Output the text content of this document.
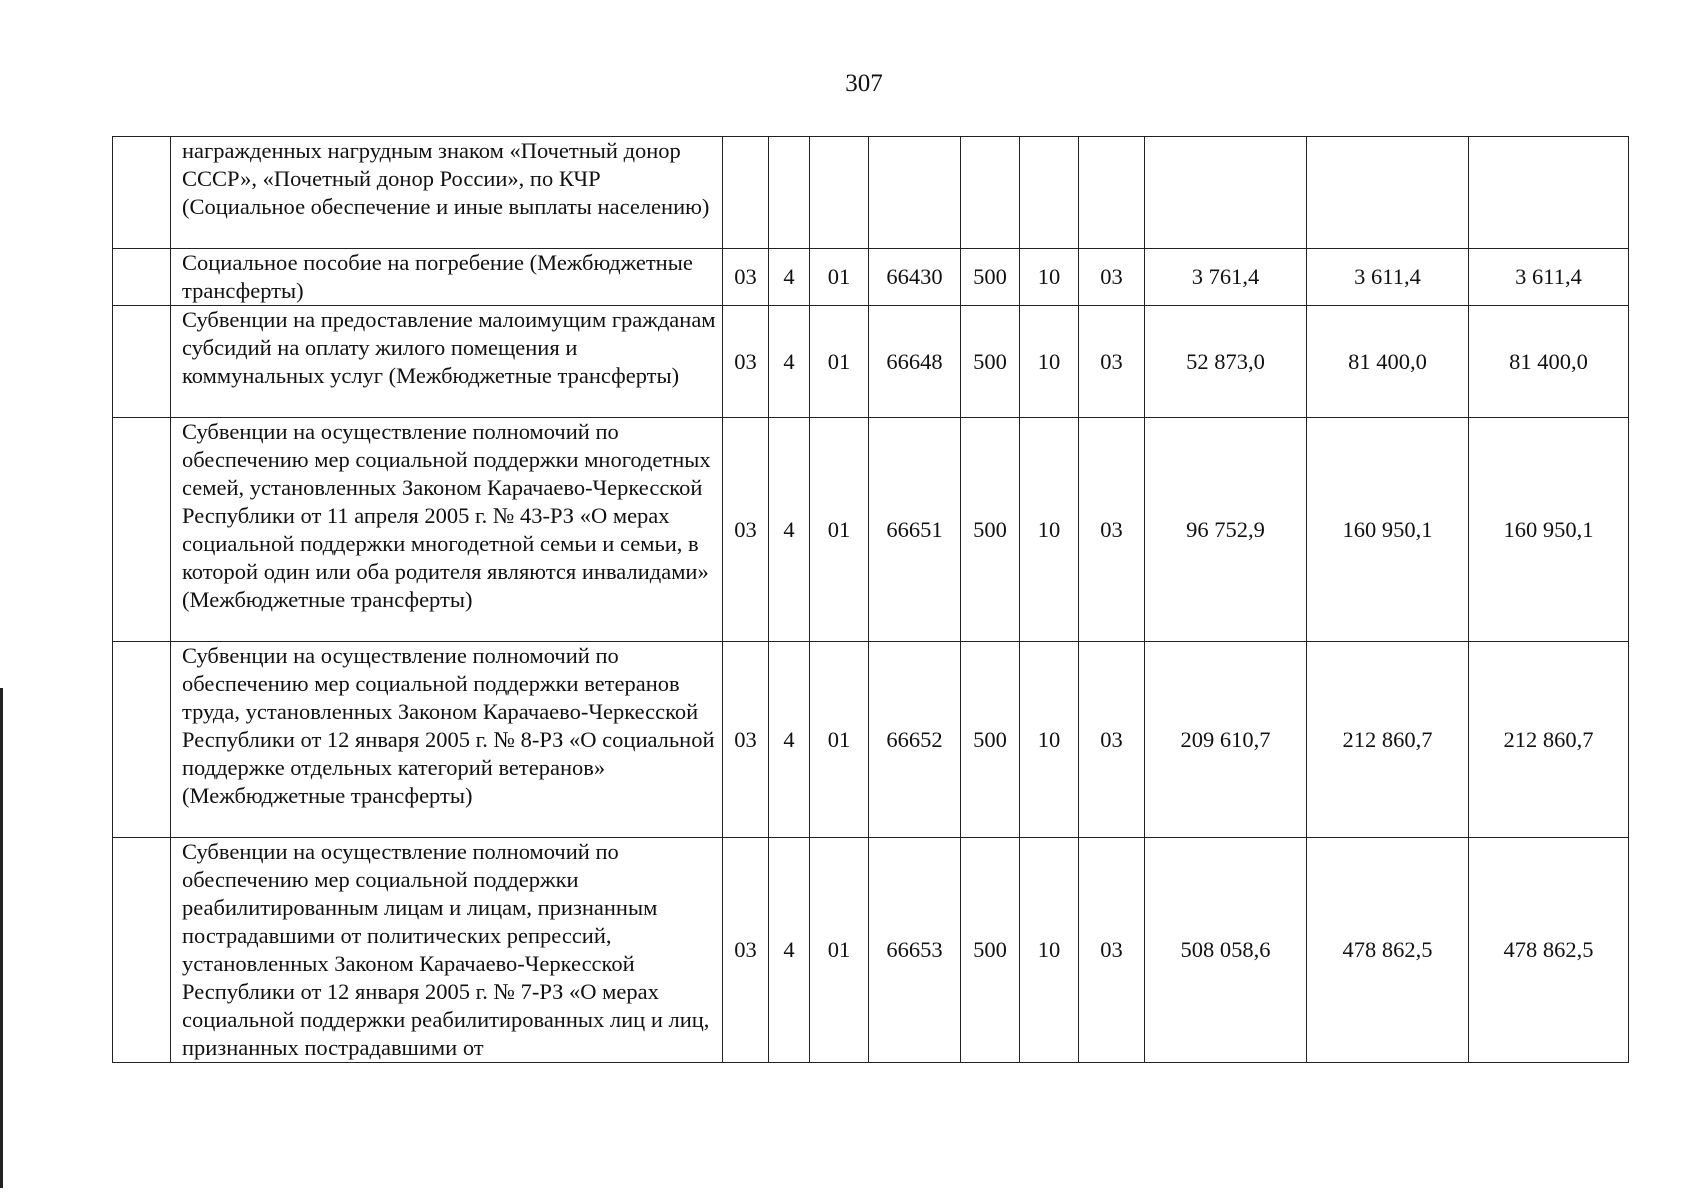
307
	награжденных нагрудным знаком «Почетный донор СССР», «Почетный донор России», по КЧР (Социальное обеспечение и иные выплаты населению)										
	Социальное пособие на погребение (Межбюджетные трансферты)	03	4	01	66430	500	10	03	3 761,4	3 611,4	3 611,4
	Субвенции на предоставление малоимущим гражданам субсидий на оплату жилого помещения и коммунальных услуг (Межбюджетные трансферты)	03	4	01	66648	500	10	03	52 873,0	81 400,0	81 400,0
	Субвенции на осуществление полномочий по обеспечению мер социальной поддержки многодетных семей, установленных Законом Карачаево-Черкесской Республики от 11 апреля 2005 г. № 43-РЗ «О мерах социальной поддержки многодетной семьи и семьи, в которой один или оба родителя являются инвалидами» (Межбюджетные трансферты)	03	4	01	66651	500	10	03	96 752,9	160 950,1	160 950,1
	Субвенции на осуществление полномочий по обеспечению мер социальной поддержки ветеранов труда, установленных Законом Карачаево-Черкесской Республики от 12 января 2005 г. № 8-РЗ «О социальной поддержке отдельных категорий ветеранов» (Межбюджетные трансферты)	03	4	01	66652	500	10	03	209 610,7	212 860,7	212 860,7
	Субвенции на осуществление полномочий по обеспечению мер социальной поддержки реабилитированным лицам и лицам, признанным пострадавшими от политических репрессий, установленных Законом Карачаево-Черкесской Республики от 12 января 2005 г. № 7-РЗ «О мерах социальной поддержки реабилитированных лиц и лиц, признанных пострадавшими от	03	4	01	66653	500	10	03	508 058,6	478 862,5	478 862,5
